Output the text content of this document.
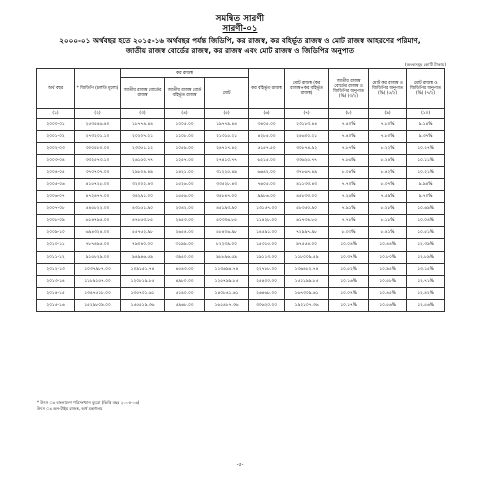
সমন্বিত সারণী
সারণী-০১
২০০০-০১ অর্থবছর হতে ২০১৫-১৬ অর্থবছর পর্যন্ত জিডিপি, কর রাজস্ব, কর বহির্ভূত রাজস্ব ও মোট রাজস্ব আহরণের পরিমাণ,
জাতীয় রাজস্ব বোর্ডের রাজস্ব, কর রাজস্ব এবং মোট রাজস্ব ও জিডিপির অনুপাত
(অংকসমূহ কোটি টাকায়)
অর্থ বছর	* জিডিপি (চলতি মূল্যে)	কর রাজস্ব			কর বহির্ভূত রাজস্ব	মোট রাজস্ব (কর রাজস্ব+কর বহির্ভূত রাজস্ব)	জাতীয় রাজস্ব বোর্ডের রাজস্ব ও জিডিপির অনুপাত (%) (৩/২)	মোট কর রাজস্ব ও জিডিপির অনুপাত (%) (৫/২)	মোট রাজস্ব ও জিডিপির অনুপাত (%) (৭/২)
		জাতীয় রাজস্ব বোর্ডের রাজস্ব	জাতীয় রাজস্ব বোর্ড বহির্ভূত রাজস্ব	মোট					
(১)	(২)	(৩)	(৪)	(৫)	(৬)	(৭)	(৮)	(৯)	(১০)
২০০০-০১	২৫৩৫৪৬.৪০	১৮৭৭৪.৪৪	১০০৫.০০	১৯৭৭৯.৪৪	৩৪০৫.০০	২৩১৮৩.৪৪	৭.৪০%	৭.৮০%	৯.১৪%
২০০১-০২	২৭৩২০১.১০	২০২০৭.২১	১১০৮.০০	২১৩১৫.২১	৪২৮৫.০০	২৫৬০০.২১	৭.৪০%	৭.৮০%	৯.৩৭%
২০০২-০৩	৩০০৫৮০.০০	২৩৩৫১.১২	১০৫৯.০০	২৪৭১৭.৪২	৫১৫৭.৫০	৩০৮৭৪.৯২	৭.৮৭%	৮.২২%	১০.২৭%
২০০৩-০৪	৩৩২৫৭৩.১০	২৬১৫০.৭৭	১২৫৭.০০	২৭৪১০.৭৭	৬২১৫.০০	৩৩৬২৫.৭৭	৭.৮৬%	৮.২৪%	১০.১১%
২০০৪-০৫	৩৭০৭০৭.০০	২৯৮০৪.৪৯	১৪২১.০০	৩১২২৫.৪৯	৬৬৪২.০০	৩৭৮৬৭.৪৯	৮.০৪%	৮.৪২%	১০.২১%
২০০৫-০৬	৪১৫৭২৮.০০	৩২০০২.৪৩	১৫২৬.০০	৩৩৫২৮.৪৩	৭৬০৫.০০	৪১১৩৩.৪৩	৭.৭০%	৮.০৭%	৯.৯৪%
২০০৬-০৭	৪৭২৪৭৭.০০	৩৪২৯১.০০	১৫৫৬.০০	৩৫৮৪৭.০০	৯৯৮৬.০০	৪৫৮৩৩.০০	৭.২৬%	৭.৫৯%	৯.৭০%
২০০৭-০৮	৫৪৫৮২২.০০	৪৩১৫১.৯০	২০৪২.০০	৪৫১৯৩.৯০	১৩১৫৭.০০	৫৮৩৫০.৯০	৭.৯১%	৮.২৮%	১০.৬৯%
২০০৮-০৯	৬১৪৭৯৫.০০	৪৭৮৫৩.৮৫	২৪৫৩.০০	৫০৩০৬.৮৫	১১৪২৮.০০	৬১৭৩৪.৮৫	৭.৭৮%	৮.১৮%	১০.০৪%
২০০৯-১০	৬৯৪৩২৪.০০	৫৫৭৫২.৯৮	২৬৫৪.০০	৫৮৪০৬.৯৮	১৪৫৯১.০০	৭২৯৯৭.৯৮	৮.০৩%	৮.৪১%	১০.৫১%
২০১০-১১	৭৮৭৪৯৫.০০	৭৯০৪০.০০	৩১৯৯.০০	৮২২৩৯.০০	১৫৩১৫.০০	৯৭৫৫৪.০০	১০.০৪%	১০.৪৪%	১২.৩৯%
২০১১-১২	৯১৫৮২৯.০০	৯৪৯৪৬.৫৯	৩৯৫০.০০	৯৮৮৯৬.৫৯	১৯১১৩.০০	১১৮০০৯.৫৯	১০.৩৭%	১০.৮০%	১২.৮৯%
২০১২-১৩	১০৩৭৯৮৭.০০	১০৯১৫১.৭৪	৪৫৪৩.০০	১১৩৬৯৪.৭৪	২২৭৮৮.০০	১৩৬৪৮২.৭৪	১০.৫২%	১০.৯৫%	১৩.১৫%
২০১৩-১৪	১১৮৯১৫৭.০০	১২০৮১৯.৮৫	৪৯৮০.০০	১২৫৭৯৯.৮৫	২৫৪০০.০০	১৫১১৯৯.৮৫	১০.১৬%	১০.৫৮%	১২.৭১%
২০১৪-১৫	১৩৪৭৫১৮.০০	১৩৫৭০১.৬১	৫১৪০.০০	১৪০৮৪১.৬১	২৬৪৬৮.০০	১৬৭৩০৯.৬১	১০.০৭%	১০.৪৫%	১২.৪২%
২০১৫-১৬	১৫২৯৮০৯.০০	১৫৫৫১৯.৩৬	৫৯৬৮.০০	১৬১৪৮৭.৩৬	৩০৬২০.০০	১৯২১০৭.৩৬	১০.১৭%	১০.৫৬%	১২.৫৬%
* উৎস ঃ বাংলাদেশ পরিসংখ্যান ব্যুরো (ভিত্তি বছর ২০০৫-০৬)
উৎস ঃ অন-টাইম রাজস্ব, অর্থ মন্ত্রণালয়
-৫-
